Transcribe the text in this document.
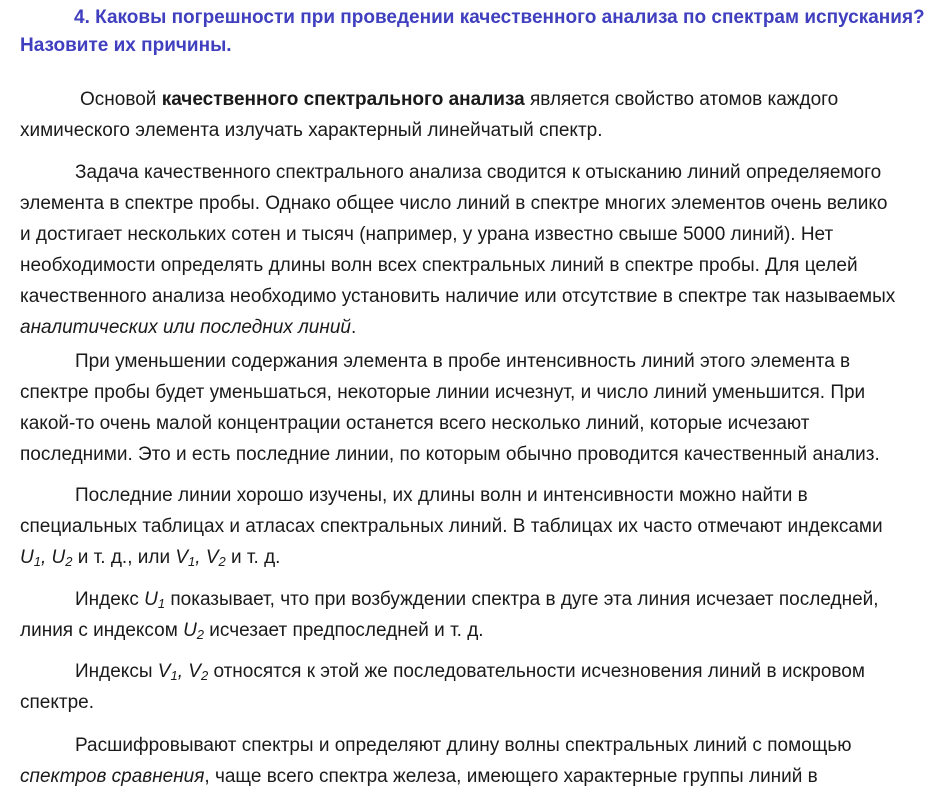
4. Каковы погрешности при проведении качественного анализа по спектрам испускания?
Назовите их причины.
Основой качественного спектрального анализа является свойство атомов каждого
химического элемента излучать характерный линейчатый спектр.
Задача качественного спектрального анализа сводится к отысканию линий определяемого
элемента в спектре пробы. Однако общее число линий в спектре многих элементов очень велико
и достигает нескольких сотен и тысяч (например, у урана известно свыше 5000 линий). Нет
необходимости определять длины волн всех спектральных линий в спектре пробы. Для целей
качественного анализа необходимо установить наличие или отсутствие в спектре так называемых
аналитических или последних линий.
При уменьшении содержания элемента в пробе интенсивность линий этого элемента в
спектре пробы будет уменьшаться, некоторые линии исчезнут, и число линий уменьшится. При
какой-то очень малой концентрации останется всего несколько линий, которые исчезают
последними. Это и есть последние линии, по которым обычно проводится качественный анализ.
Последние линии хорошо изучены, их длины волн и интенсивности можно найти в
специальных таблицах и атласах спектральных линий. В таблицах их часто отмечают индексами
$U_1$, $U_2$ и т. д., или $V_1$, $V_2$ и т. д.
Индекс $U_1$ показывает, что при возбуждении спектра в дуге эта линия исчезает последней,
линия с индексом $U_2$ исчезает предпоследней и т. д.
Индексы $V_1$, $V_2$ относятся к этой же последовательности исчезновения линий в искровом
спектре.
Расшифровывают спектры и определяют длину волны спектральных линий с помощью
спектров сравнения, чаще всего спектра железа, имеющего характерные группы линий в
